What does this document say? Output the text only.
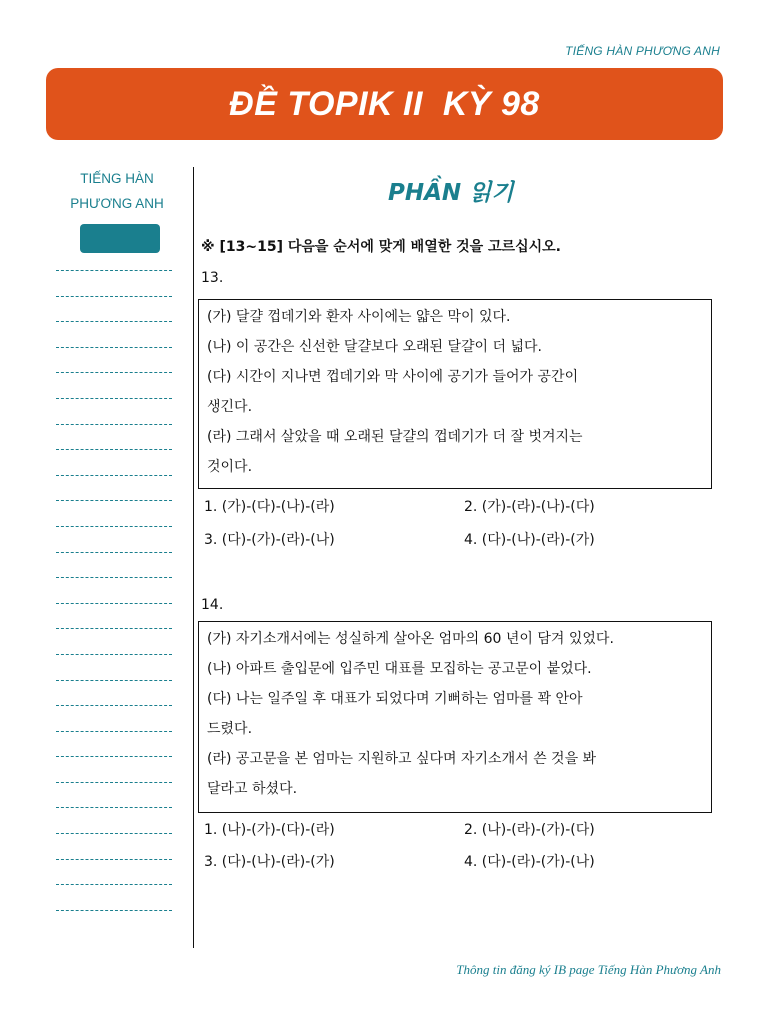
TIẾNG HÀN PHƯƠNG ANH
ĐỀ TOPIK II  KỲ 98
TIẾNG HÀN
PHƯƠNG ANH	PHẦN 읽기
※ [13~15] 다음을 순서에 맞게 배열한 것을 고르십시오.
13.

(가) 달걀 껍데기와 환자 사이에는 얇은 막이 있다.

(나) 이 공간은 신선한 달걀보다 오래된 달걀이 더 넓다.

(다) 시간이 지나면 껍데기와 막 사이에 공기가 들어가 공간이

생긴다.

(라) 그래서 살았을 때 오래된 달걀의 껍데기가 더 잘 벗겨지는

것이다.

1. (가)-(다)-(나)-(라)	2. (가)-(라)-(나)-(다)
3. (다)-(가)-(라)-(나)	4. (다)-(나)-(라)-(가)
14.

(가) 자기소개서에는 성실하게 살아온 엄마의 60 년이 담겨 있었다.

(나) 아파트 출입문에 입주민 대표를 모집하는 공고문이 붙었다.

(다) 나는 일주일 후 대표가 되었다며 기뻐하는 엄마를 꽉 안아

드렸다.

(라) 공고문을 본 엄마는 지원하고 싶다며 자기소개서 쓴 것을 봐

달라고 하셨다.

1. (나)-(가)-(다)-(라)	2. (나)-(라)-(가)-(다)
3. (다)-(나)-(라)-(가)	4. (다)-(라)-(가)-(나)
Thông tin đăng ký IB page Tiếng Hàn Phương Anh
